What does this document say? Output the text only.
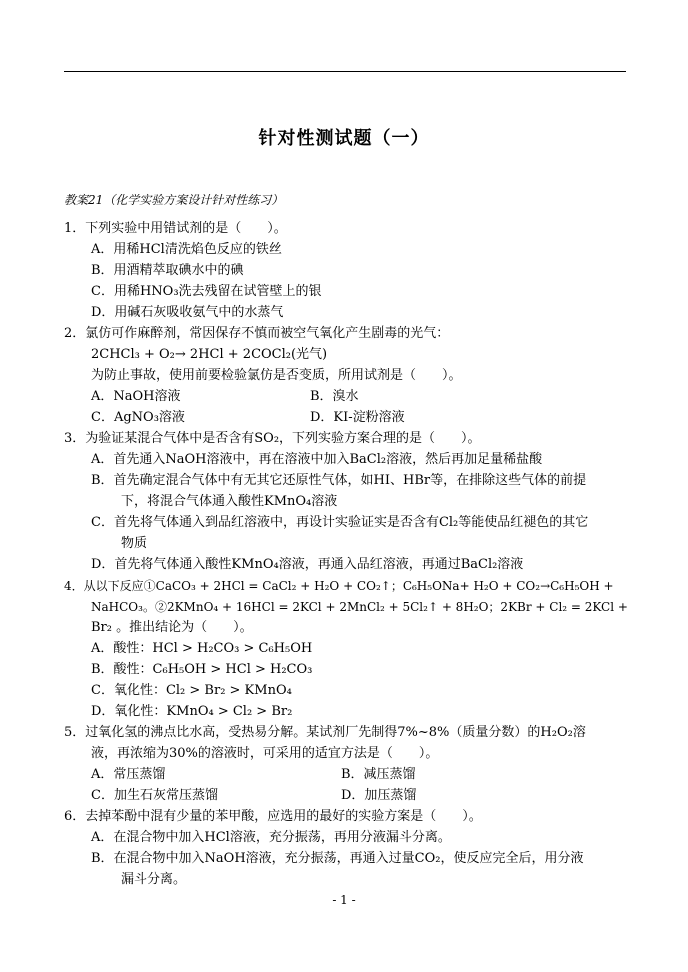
针对性测试题（一）
教案21（化学实验方案设计针对性练习）
1．下列实验中用错试剂的是（　　）。
A．用稀HCl清洗焰色反应的铁丝
B．用酒精萃取碘水中的碘
C．用稀HNO₃洗去残留在试管壁上的银
D．用碱石灰吸收氨气中的水蒸气
2．氯仿可作麻醉剂，常因保存不慎而被空气氧化产生剧毒的光气：
2CHCl₃ + O₂→ 2HCl + 2COCl₂(光气)
为防止事故，使用前要检验氯仿是否变质，所用试剂是（　　）。
A．NaOH溶液	B．溴水
C．AgNO₃溶液	D．KI-淀粉溶液
3．为验证某混合气体中是否含有SO₂，下列实验方案合理的是（　　）。
A．首先通入NaOH溶液中，再在溶液中加入BaCl₂溶液，然后再加足量稀盐酸
B．首先确定混合气体中有无其它还原性气体，如HI、HBr等，在排除这些气体的前提
下，将混合气体通入酸性KMnO₄溶液
C．首先将气体通入到品红溶液中，再设计实验证实是否含有Cl₂等能使品红褪色的其它
物质
D．首先将气体通入酸性KMnO₄溶液，再通入品红溶液，再通过BaCl₂溶液
4．从以下反应①CaCO₃ + 2HCl = CaCl₂ + H₂O + CO₂↑；C₆H₅ONa+ H₂O + CO₂→C₆H₅OH +
NaHCO₃。②2KMnO₄ + 16HCl = 2KCl + 2MnCl₂ + 5Cl₂↑ + 8H₂O；2KBr + Cl₂ = 2KCl +
Br₂ 。推出结论为（　　）。
A．酸性：HCl > H₂CO₃ > C₆H₅OH
B．酸性：C₆H₅OH > HCl > H₂CO₃
C．氧化性：Cl₂ > Br₂ > KMnO₄
D．氧化性：KMnO₄ > Cl₂ > Br₂
5．过氧化氢的沸点比水高，受热易分解。某试剂厂先制得7%~8%（质量分数）的H₂O₂溶
液，再浓缩为30%的溶液时，可采用的适宜方法是（　　）。
A．常压蒸馏	B．减压蒸馏
C．加生石灰常压蒸馏	D．加压蒸馏
6．去掉苯酚中混有少量的苯甲酸，应选用的最好的实验方案是（　　）。
A．在混合物中加入HCl溶液，充分振荡，再用分液漏斗分离。
B．在混合物中加入NaOH溶液，充分振荡，再通入过量CO₂，使反应完全后，用分液
漏斗分离。
- 1 -
